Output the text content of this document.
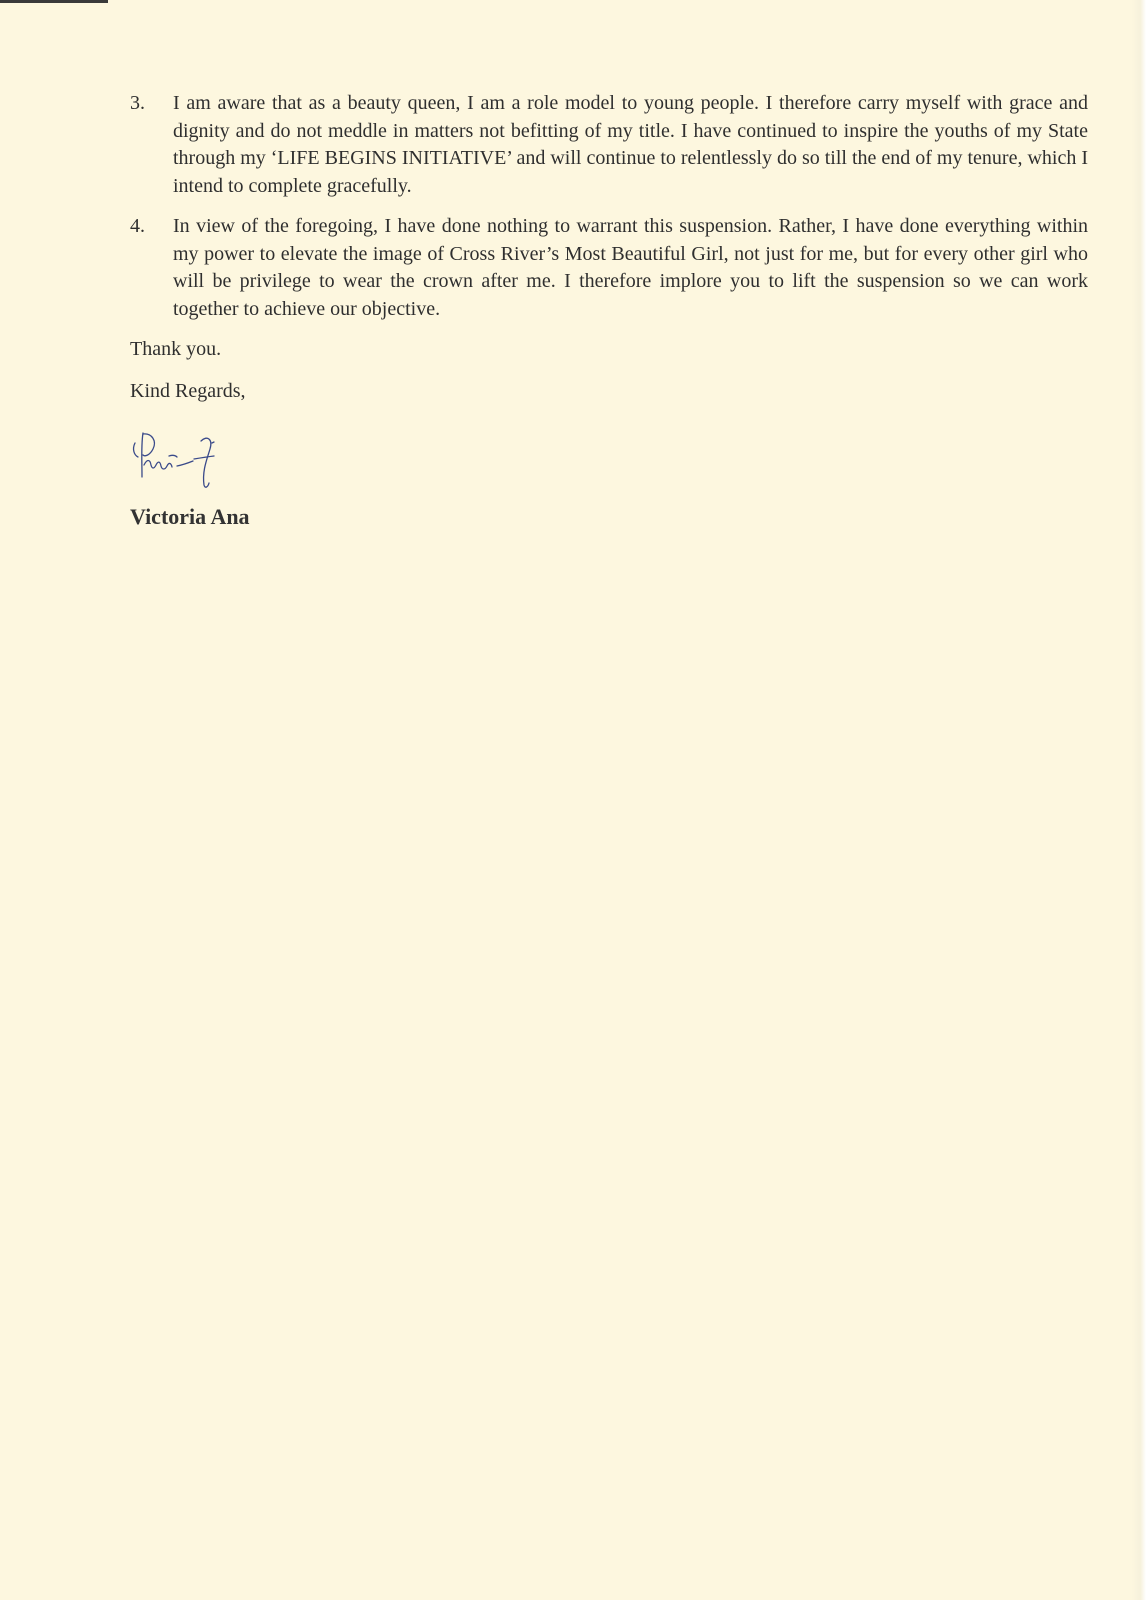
3. I am aware that as a beauty queen, I am a role model to young people. I therefore carry myself with grace and dignity and do not meddle in matters not befitting of my title. I have continued to inspire the youths of my State through my ‘LIFE BEGINS INITIATIVE’ and will continue to relentlessly do so till the end of my tenure, which I intend to complete gracefully.
4. In view of the foregoing, I have done nothing to warrant this suspension. Rather, I have done everything within my power to elevate the image of Cross River’s Most Beautiful Girl, not just for me, but for every other girl who will be privilege to wear the crown after me. I therefore implore you to lift the suspension so we can work together to achieve our objective.
Thank you.
Kind Regards,
Victoria Ana
